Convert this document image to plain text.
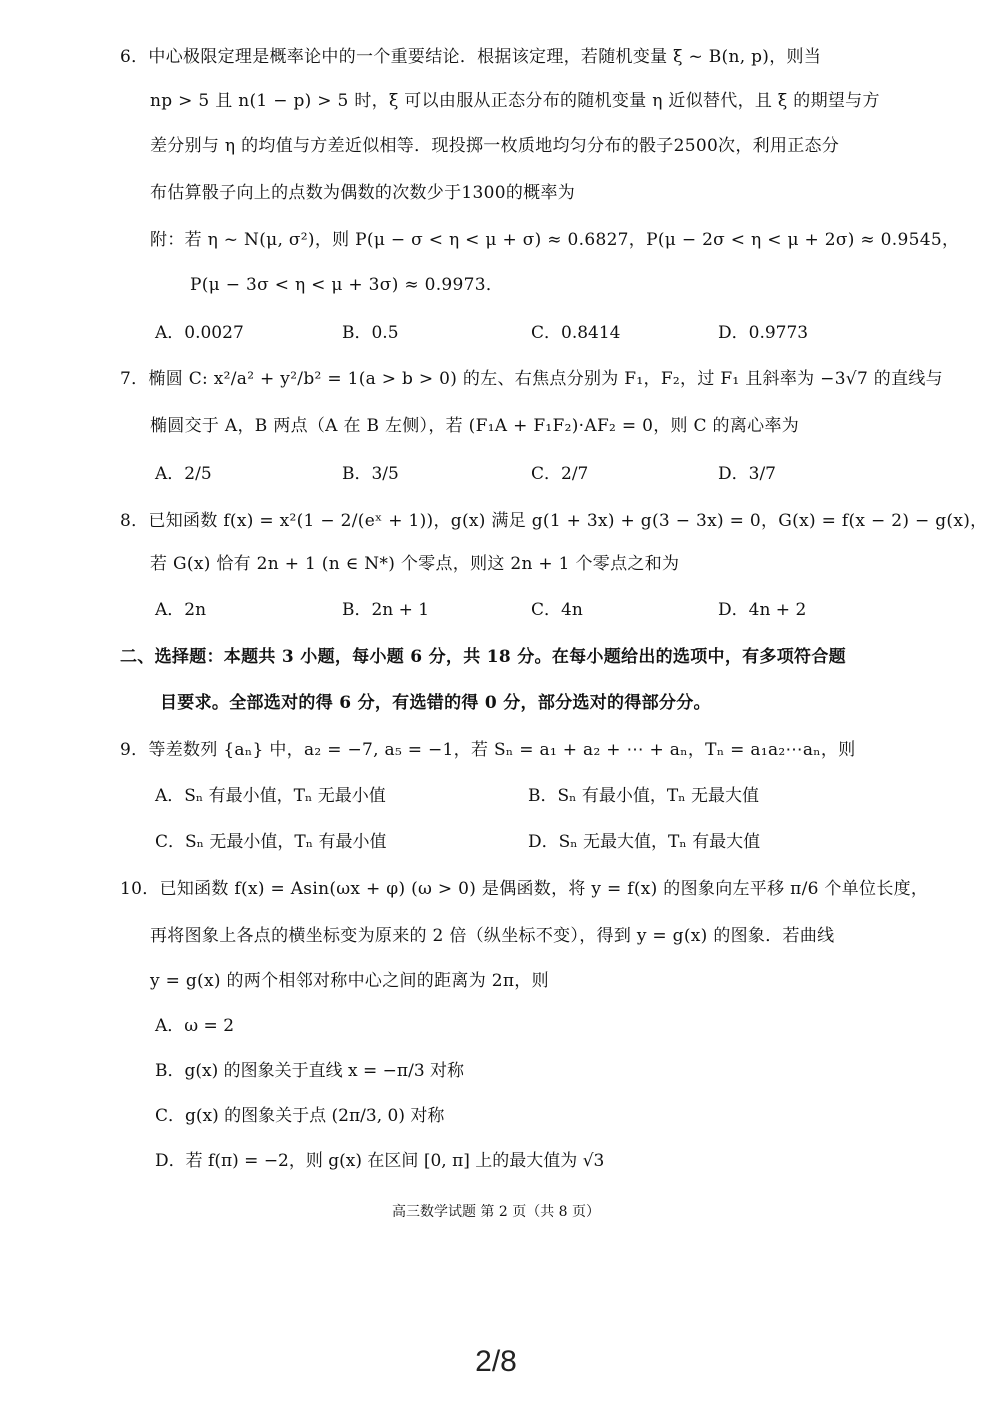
6．中心极限定理是概率论中的一个重要结论．根据该定理，若随机变量 ξ ~ B(n, p)，则当
np > 5 且 n(1 − p) > 5 时，ξ 可以由服从正态分布的随机变量 η 近似替代，且 ξ 的期望与方
差分别与 η 的均值与方差近似相等．现投掷一枚质地均匀分布的骰子2500次，利用正态分
布估算骰子向上的点数为偶数的次数少于1300的概率为
附：若 η ~ N(μ, σ²)，则 P(μ − σ < η < μ + σ) ≈ 0.6827，P(μ − 2σ < η < μ + 2σ) ≈ 0.9545，
P(μ − 3σ < η < μ + 3σ) ≈ 0.9973．
A．0.0027	B．0.5	C．0.8414	D．0.9773
7．椭圆 C: x²/a² + y²/b² = 1(a > b > 0) 的左、右焦点分别为 F₁，F₂，过 F₁ 且斜率为 −3√7 的直线与
椭圆交于 A，B 两点（A 在 B 左侧），若 (F₁A + F₁F₂)·AF₂ = 0，则 C 的离心率为
A．2/5	B．3/5	C．2/7	D．3/7
8．已知函数 f(x) = x²(1 − 2/(eˣ + 1))，g(x) 满足 g(1 + 3x) + g(3 − 3x) = 0，G(x) = f(x − 2) − g(x)，
若 G(x) 恰有 2n + 1 (n ∈ N*) 个零点，则这 2n + 1 个零点之和为
A．2n	B．2n + 1	C．4n	D．4n + 2
二、选择题：本题共 3 小题，每小题 6 分，共 18 分。在每小题给出的选项中，有多项符合题
目要求。全部选对的得 6 分，有选错的得 0 分，部分选对的得部分分。
9．等差数列 {aₙ} 中，a₂ = −7, a₅ = −1，若 Sₙ = a₁ + a₂ + ⋯ + aₙ，Tₙ = a₁a₂⋯aₙ，则
A．Sₙ 有最小值，Tₙ 无最小值	B．Sₙ 有最小值，Tₙ 无最大值
C．Sₙ 无最小值，Tₙ 有最小值	D．Sₙ 无最大值，Tₙ 有最大值
10．已知函数 f(x) = Asin(ωx + φ) (ω > 0) 是偶函数，将 y = f(x) 的图象向左平移 π/6 个单位长度，
再将图象上各点的横坐标变为原来的 2 倍（纵坐标不变），得到 y = g(x) 的图象．若曲线
y = g(x) 的两个相邻对称中心之间的距离为 2π，则
A．ω = 2
B．g(x) 的图象关于直线 x = −π/3 对称
C．g(x) 的图象关于点 (2π/3, 0) 对称
D．若 f(π) = −2，则 g(x) 在区间 [0, π] 上的最大值为 √3
高三数学试题 第 2 页（共 8 页）
2/8
